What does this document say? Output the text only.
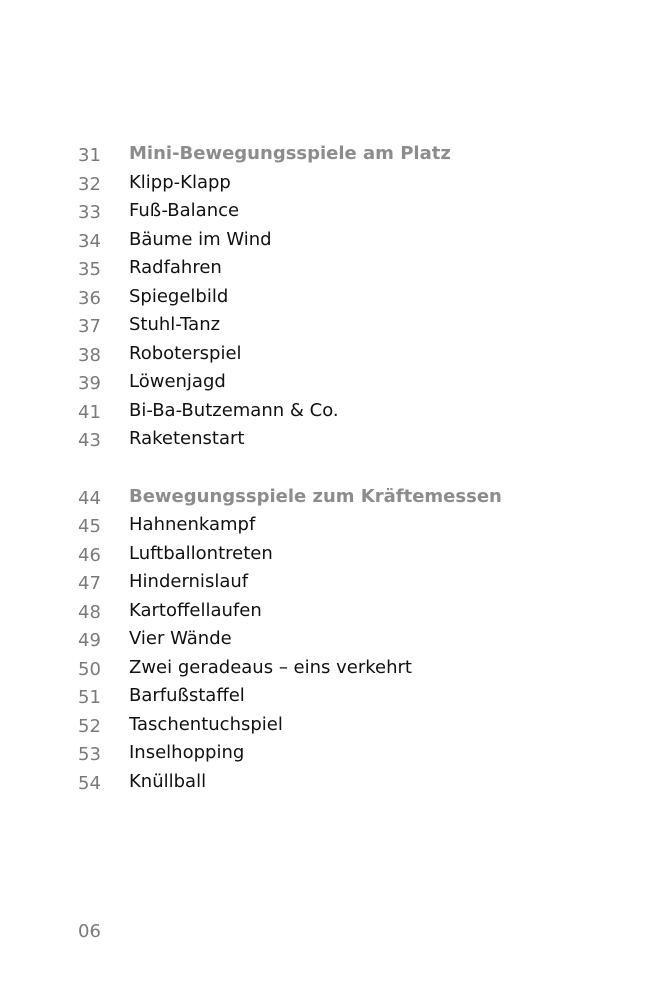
31 Mini-Bewegungsspiele am Platz
32 Klipp-Klapp
33 Fuß-Balance
34 Bäume im Wind
35 Radfahren
36 Spiegelbild
37 Stuhl-Tanz
38 Roboterspiel
39 Löwenjagd
41 Bi-Ba-Butzemann & Co.
43 Raketenstart
44 Bewegungsspiele zum Kräftemessen
45 Hahnenkampf
46 Luftballontreten
47 Hindernislauf
48 Kartoffellaufen
49 Vier Wände
50 Zwei geradeaus – eins verkehrt
51 Barfußstaffel
52 Taschentuchspiel
53 Inselhopping
54 Knüllball
06
